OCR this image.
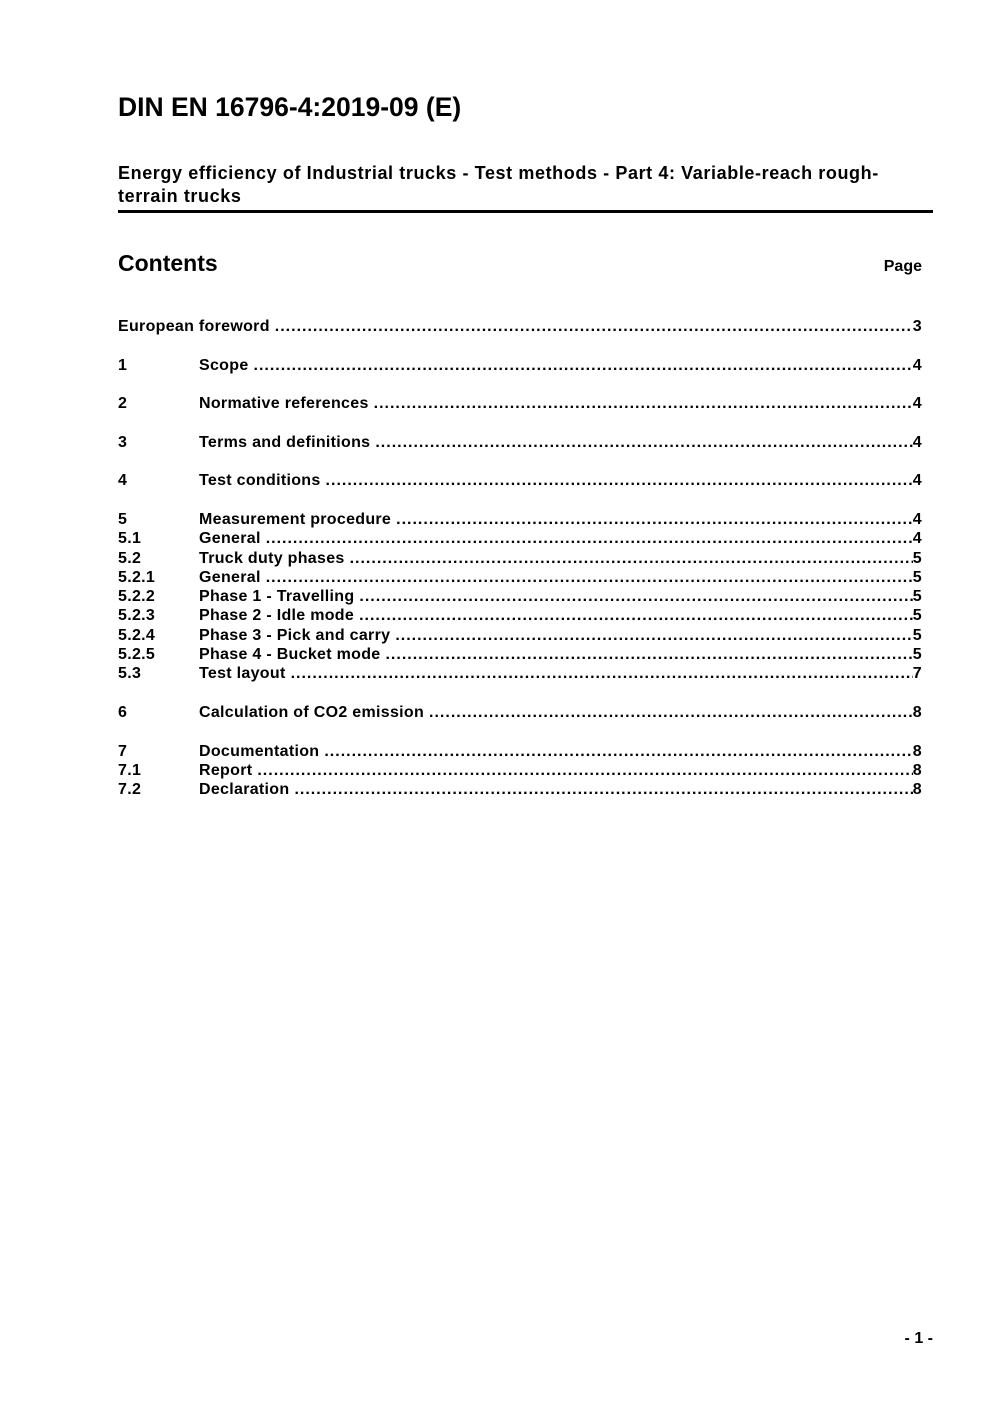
DIN EN 16796-4:2019-09 (E)
Energy efficiency of Industrial trucks - Test methods - Part 4: Variable-reach rough-terrain trucks
Contents	Page
European foreword .....	3
1	Scope .....	4
2	Normative references .....	4
3	Terms and definitions .....	4
4	Test conditions .....	4
5	Measurement procedure .....	4
5.1	General .....	4
5.2	Truck duty phases .....	5
5.2.1	General .....	5
5.2.2	Phase 1 - Travelling .....	5
5.2.3	Phase 2 - Idle mode .....	5
5.2.4	Phase 3 - Pick and carry .....	5
5.2.5	Phase 4 - Bucket mode .....	5
5.3	Test layout .....	7
6	Calculation of CO2 emission .....	8
7	Documentation .....	8
7.1	Report .....	8
7.2	Declaration .....	8
- 1 -
